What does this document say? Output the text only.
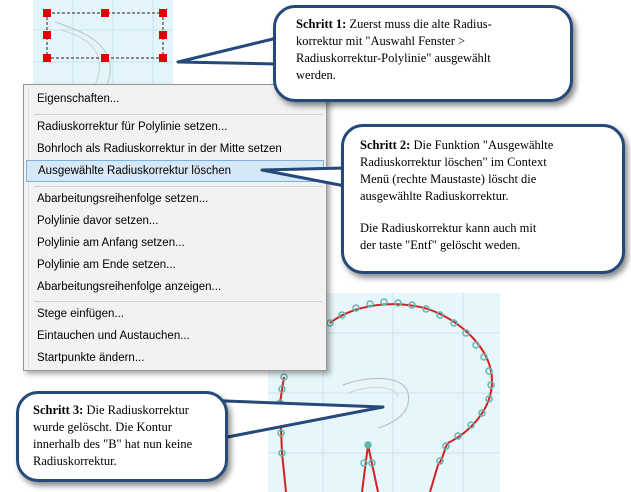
Eigenschaften...
Radiuskorrektur für Polylinie setzen...
Bohrloch als Radiuskorrektur in der Mitte setzen
Ausgewählte Radiuskorrektur löschen
Abarbeitungsreihenfolge setzen...
Polylinie davor setzen...
Polylinie am Anfang setzen...
Polylinie am Ende setzen...
Abarbeitungsreihenfolge anzeigen...
Stege einfügen...
Eintauchen und Austauchen...
Startpunkte ändern...
Schritt 1: Zuerst muss die alte Radius-
korrektur mit "Auswahl Fenster >
Radiuskorrektur-Polylinie" ausgewählt
werden.
Schritt 2: Die Funktion "Ausgewählte
Radiuskorrektur löschen" im Context
Menü (rechte Maustaste) löscht die
ausgewählte Radiuskorrektur.
Die Radiuskorrektur kann auch mit
der taste "Entf" gelöscht weden.
Schritt 3: Die Radiuskorrektur
wurde gelöscht. Die Kontur
innerhalb des "B" hat nun keine
Radiuskorrektur.
